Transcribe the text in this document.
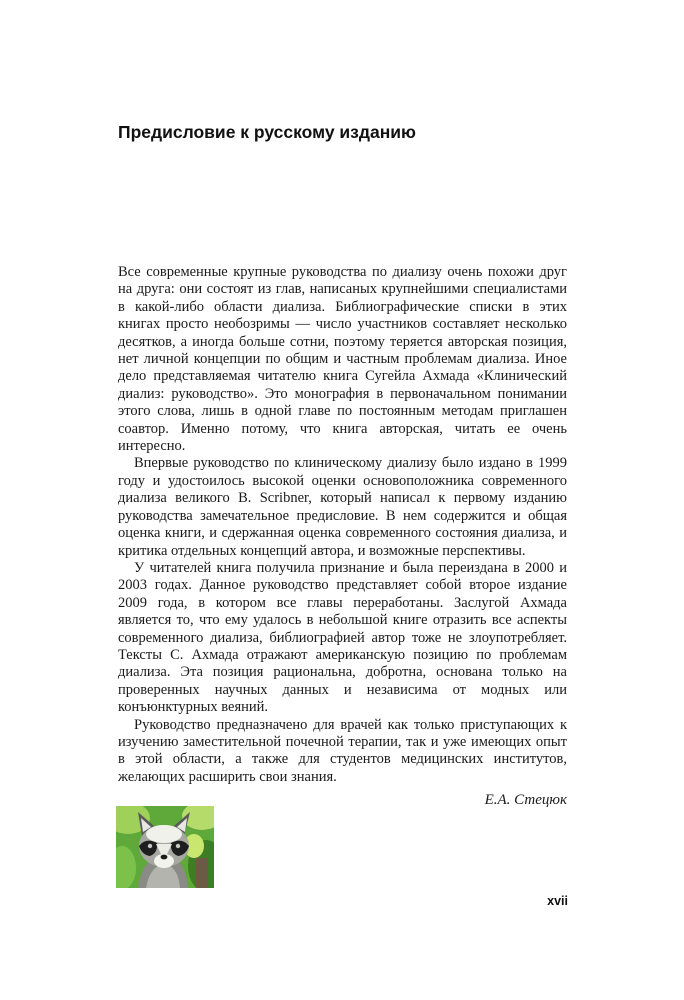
Предисловие к русскому изданию

Все современные крупные руководства по диализу очень похожи друг на друга: они состоят из глав, написаных крупнейшими специалистами в какой-либо области диализа. Библиографические списки в этих книгах просто необозримы — число участников составляет несколько десятков, а иногда больше сотни, поэтому теряется авторская позиция, нет личной концепции по общим и частным проблемам диализа. Иное дело представляемая читателю книга Сугейла Ахмада «Клинический диализ: руководство». Это монография в первоначальном понимании этого слова, лишь в одной главе по постоянным методам приглашен соавтор. Именно потому, что книга авторская, читать ее очень интересно.

Впервые руководство по клиническому диализу было издано в 1999 году и удостоилось высокой оценки основоположника современного диализа великого B. Scribner, который написал к первому изданию руководства замечательное предисловие. В нем содержится и общая оценка книги, и сдержанная оценка современного состояния диализа, и критика отдельных концепций автора, и возможные перспективы.

У читателей книга получила признание и была переиздана в 2000 и 2003 годах. Данное руководство представляет собой второе издание 2009 года, в котором все главы переработаны. Заслугой Ахмада является то, что ему удалось в небольшой книге отразить все аспекты современного диализа, библиографией автор тоже не злоупотребляет. Тексты С. Ахмада отражают американскую позицию по проблемам диализа. Эта позиция рациональна, добротна, основана только на проверенных научных данных и независима от модных или конъюнктурных веяний.

Руководство предназначено для врачей как только приступающих к изучению заместительной почечной терапии, так и уже имеющих опыт в этой области, а также для студентов медицинских институтов, желающих расширить свои знания.

Е.А. Стецюк
xvii
